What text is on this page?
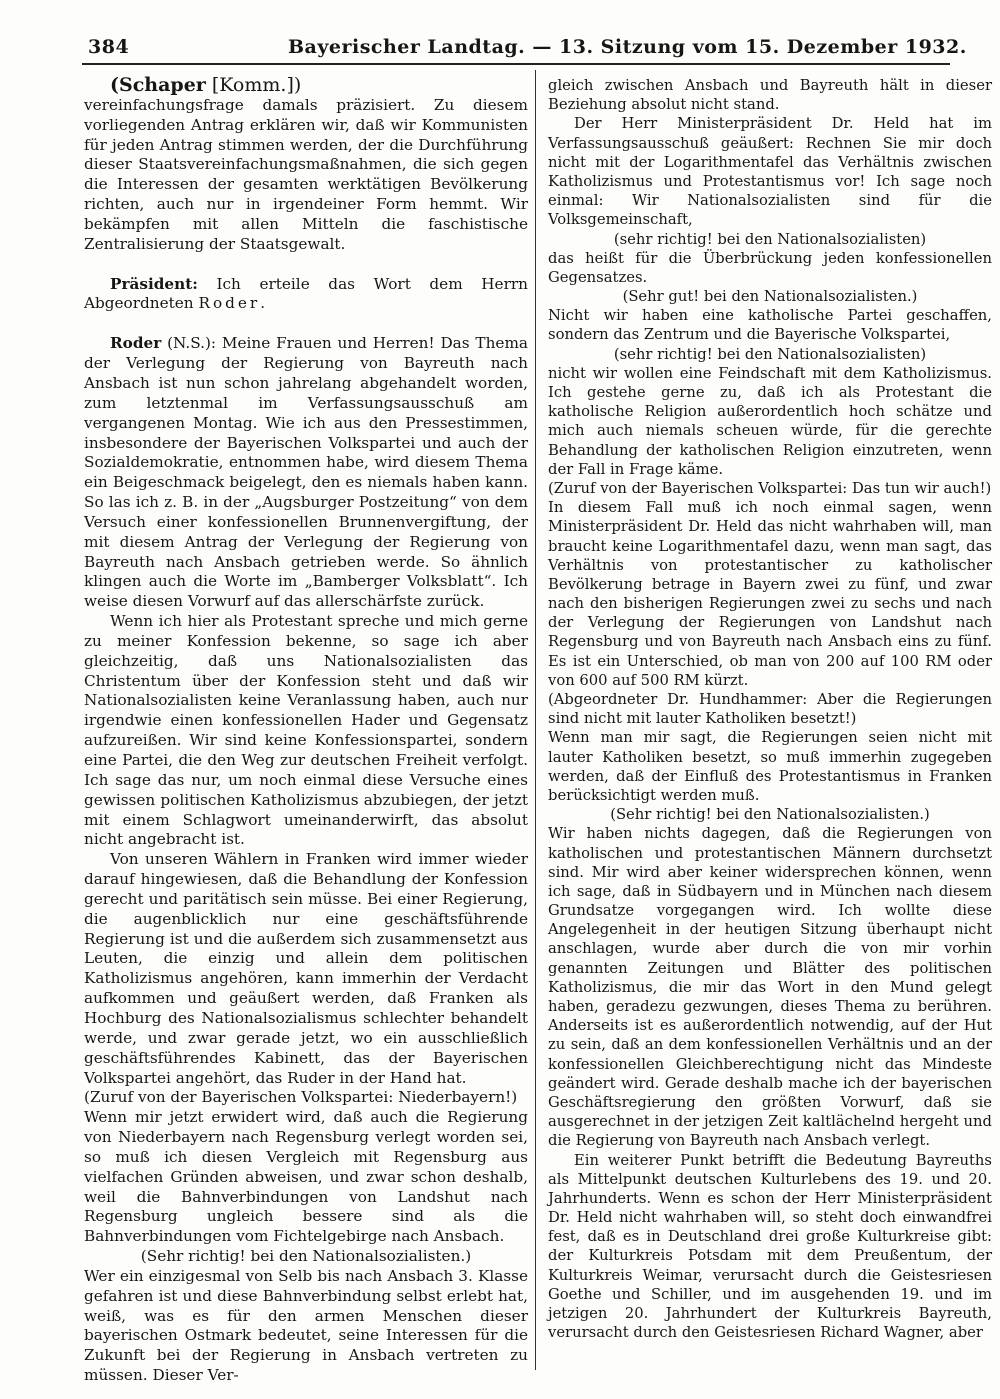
384	Bayerischer Landtag. — 13. Sitzung vom 15. Dezember 1932.

(Schaper [Komm.])

vereinfachungsfrage damals präzisiert. Zu diesem vorliegenden Antrag erklären wir, daß wir Kommunisten für jeden Antrag stimmen werden, der die Durchführung dieser Staatsvereinfachungsmaßnahmen, die sich gegen die Interessen der gesamten werktätigen Bevölkerung richten, auch nur in irgendeiner Form hemmt. Wir bekämpfen mit allen Mitteln die faschistische Zentralisierung der Staatsgewalt.

Präsident: Ich erteile das Wort dem Herrn Abgeordneten Roder.

Roder (N.S.): Meine Frauen und Herren! Das Thema der Verlegung der Regierung von Bayreuth nach Ansbach ist nun schon jahrelang abgehandelt worden, zum letztenmal im Verfassungsausschuß am vergangenen Montag. Wie ich aus den Pressestimmen, insbesondere der Bayerischen Volkspartei und auch der Sozialdemokratie, entnommen habe, wird diesem Thema ein Beigeschmack beigelegt, den es niemals haben kann. So las ich z. B. in der „Augsburger Postzeitung“ von dem Versuch einer konfessionellen Brunnenvergiftung, der mit diesem Antrag der Verlegung der Regierung von Bayreuth nach Ansbach getrieben werde. So ähnlich klingen auch die Worte im „Bamberger Volksblatt“. Ich weise diesen Vorwurf auf das allerschärfste zurück.

Wenn ich hier als Protestant spreche und mich gerne zu meiner Konfession bekenne, so sage ich aber gleichzeitig, daß uns Nationalsozialisten das Christentum über der Konfession steht und daß wir Nationalsozialisten keine Veranlassung haben, auch nur irgendwie einen konfessionellen Hader und Gegensatz aufzureißen. Wir sind keine Konfessionspartei, sondern eine Partei, die den Weg zur deutschen Freiheit verfolgt. Ich sage das nur, um noch einmal diese Versuche eines gewissen politischen Katholizismus abzubiegen, der jetzt mit einem Schlagwort umeinanderwirft, das absolut nicht angebracht ist.

Von unseren Wählern in Franken wird immer wieder darauf hingewiesen, daß die Behandlung der Konfession gerecht und paritätisch sein müsse. Bei einer Regierung, die augenblicklich nur eine geschäftsführende Regierung ist und die außerdem sich zusammensetzt aus Leuten, die einzig und allein dem politischen Katholizismus angehören, kann immerhin der Verdacht aufkommen und geäußert werden, daß Franken als Hochburg des Nationalsozialismus schlechter behandelt werde, und zwar gerade jetzt, wo ein ausschließlich geschäftsführendes Kabinett, das der Bayerischen Volkspartei angehört, das Ruder in der Hand hat.

(Zuruf von der Bayerischen Volkspartei: Niederbayern!)

Wenn mir jetzt erwidert wird, daß auch die Regierung von Niederbayern nach Regensburg verlegt worden sei, so muß ich diesen Vergleich mit Regensburg aus vielfachen Gründen abweisen, und zwar schon deshalb, weil die Bahnverbindungen von Landshut nach Regensburg ungleich bessere sind als die Bahnverbindungen vom Fichtelgebirge nach Ansbach.

(Sehr richtig! bei den Nationalsozialisten.)

Wer ein einzigesmal von Selb bis nach Ansbach 3. Klasse gefahren ist und diese Bahnverbindung selbst erlebt hat, weiß, was es für den armen Menschen dieser bayerischen Ostmark bedeutet, seine Interessen für die Zukunft bei der Regierung in Ansbach vertreten zu müssen. Dieser Ver-

gleich zwischen Ansbach und Bayreuth hält in dieser Beziehung absolut nicht stand.

Der Herr Ministerpräsident Dr. Held hat im Verfassungsausschuß geäußert: Rechnen Sie mir doch nicht mit der Logarithmentafel das Verhältnis zwischen Katholizismus und Protestantismus vor! Ich sage noch einmal: Wir Nationalsozialisten sind für die Volksgemeinschaft,

(sehr richtig! bei den Nationalsozialisten)

das heißt für die Überbrückung jeden konfessionellen Gegensatzes.

(Sehr gut! bei den Nationalsozialisten.)

Nicht wir haben eine katholische Partei geschaffen, sondern das Zentrum und die Bayerische Volkspartei,

(sehr richtig! bei den Nationalsozialisten)

nicht wir wollen eine Feindschaft mit dem Katholizismus. Ich gestehe gerne zu, daß ich als Protestant die katholische Religion außerordentlich hoch schätze und mich auch niemals scheuen würde, für die gerechte Behandlung der katholischen Religion einzutreten, wenn der Fall in Frage käme.

(Zuruf von der Bayerischen Volkspartei: Das tun wir auch!)

In diesem Fall muß ich noch einmal sagen, wenn Ministerpräsident Dr. Held das nicht wahrhaben will, man braucht keine Logarithmentafel dazu, wenn man sagt, das Verhältnis von protestantischer zu katholischer Bevölkerung betrage in Bayern zwei zu fünf, und zwar nach den bisherigen Regierungen zwei zu sechs und nach der Verlegung der Regierungen von Landshut nach Regensburg und von Bayreuth nach Ansbach eins zu fünf. Es ist ein Unterschied, ob man von 200 auf 100 RM oder von 600 auf 500 RM kürzt.

(Abgeordneter Dr. Hundhammer: Aber die Regierungen sind nicht mit lauter Katholiken besetzt!)

Wenn man mir sagt, die Regierungen seien nicht mit lauter Katholiken besetzt, so muß immerhin zugegeben werden, daß der Einfluß des Protestantismus in Franken berücksichtigt werden muß.

(Sehr richtig! bei den Nationalsozialisten.)

Wir haben nichts dagegen, daß die Regierungen von katholischen und protestantischen Männern durchsetzt sind. Mir wird aber keiner widersprechen können, wenn ich sage, daß in Südbayern und in München nach diesem Grundsatze vorgegangen wird. Ich wollte diese Angelegenheit in der heutigen Sitzung überhaupt nicht anschlagen, wurde aber durch die von mir vorhin genannten Zeitungen und Blätter des politischen Katholizismus, die mir das Wort in den Mund gelegt haben, geradezu gezwungen, dieses Thema zu berühren. Anderseits ist es außerordentlich notwendig, auf der Hut zu sein, daß an dem konfessionellen Verhältnis und an der konfessionellen Gleichberechtigung nicht das Mindeste geändert wird. Gerade deshalb mache ich der bayerischen Geschäftsregierung den größten Vorwurf, daß sie ausgerechnet in der jetzigen Zeit kaltlächelnd hergeht und die Regierung von Bayreuth nach Ansbach verlegt.

Ein weiterer Punkt betrifft die Bedeutung Bayreuths als Mittelpunkt deutschen Kulturlebens des 19. und 20. Jahrhunderts. Wenn es schon der Herr Ministerpräsident Dr. Held nicht wahrhaben will, so steht doch einwandfrei fest, daß es in Deutschland drei große Kulturkreise gibt: der Kulturkreis Potsdam mit dem Preußentum, der Kulturkreis Weimar, verursacht durch die Geistesriesen Goethe und Schiller, und im ausgehenden 19. und im jetzigen 20. Jahrhundert der Kulturkreis Bayreuth, verursacht durch den Geistesriesen Richard Wagner, aber
